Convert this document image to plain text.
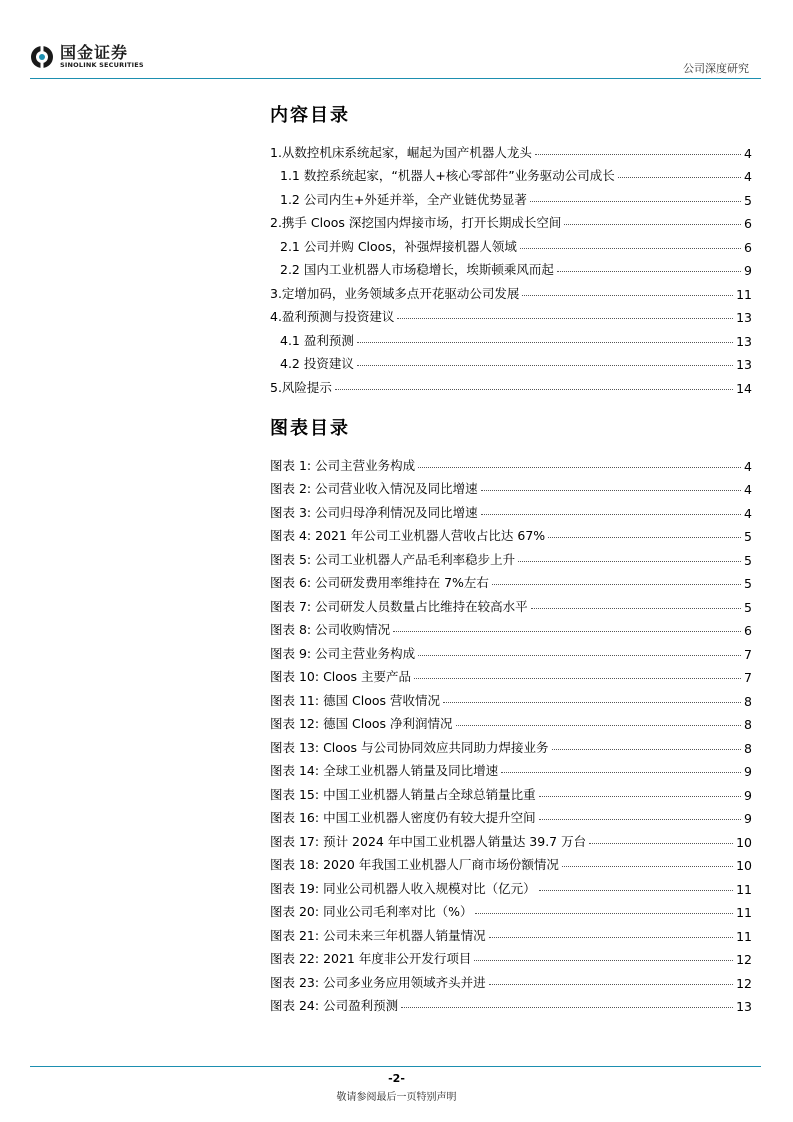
国金证券
SINOLINK SECURITIES	公司深度研究
内容目录
1.从数控机床系统起家，崛起为国产机器人龙头	4
1.1 数控系统起家，“机器人+核心零部件”业务驱动公司成长	4
1.2 公司内生+外延并举，全产业链优势显著	5
2.携手 Cloos 深挖国内焊接市场，打开长期成长空间	6
2.1 公司并购 Cloos，补强焊接机器人领域	6
2.2 国内工业机器人市场稳增长，埃斯顿乘风而起	9
3.定增加码，业务领域多点开花驱动公司发展	11
4.盈利预测与投资建议	13
4.1 盈利预测	13
4.2 投资建议	13
5.风险提示	14
图表目录
图表 1: 公司主营业务构成	4
图表 2: 公司营业收入情况及同比增速	4
图表 3: 公司归母净利情况及同比增速	4
图表 4: 2021 年公司工业机器人营收占比达 67%	5
图表 5: 公司工业机器人产品毛利率稳步上升	5
图表 6: 公司研发费用率维持在 7%左右	5
图表 7: 公司研发人员数量占比维持在较高水平	5
图表 8: 公司收购情况	6
图表 9: 公司主营业务构成	7
图表 10: Cloos 主要产品	7
图表 11: 德国 Cloos 营收情况	8
图表 12: 德国 Cloos 净利润情况	8
图表 13: Cloos 与公司协同效应共同助力焊接业务	8
图表 14: 全球工业机器人销量及同比增速	9
图表 15: 中国工业机器人销量占全球总销量比重	9
图表 16: 中国工业机器人密度仍有较大提升空间	9
图表 17: 预计 2024 年中国工业机器人销量达 39.7 万台	10
图表 18: 2020 年我国工业机器人厂商市场份额情况	10
图表 19: 同业公司机器人收入规模对比（亿元）	11
图表 20: 同业公司毛利率对比（%）	11
图表 21: 公司未来三年机器人销量情况	11
图表 22: 2021 年度非公开发行项目	12
图表 23: 公司多业务应用领域齐头并进	12
图表 24: 公司盈利预测	13
-2-
敬请参阅最后一页特别声明
